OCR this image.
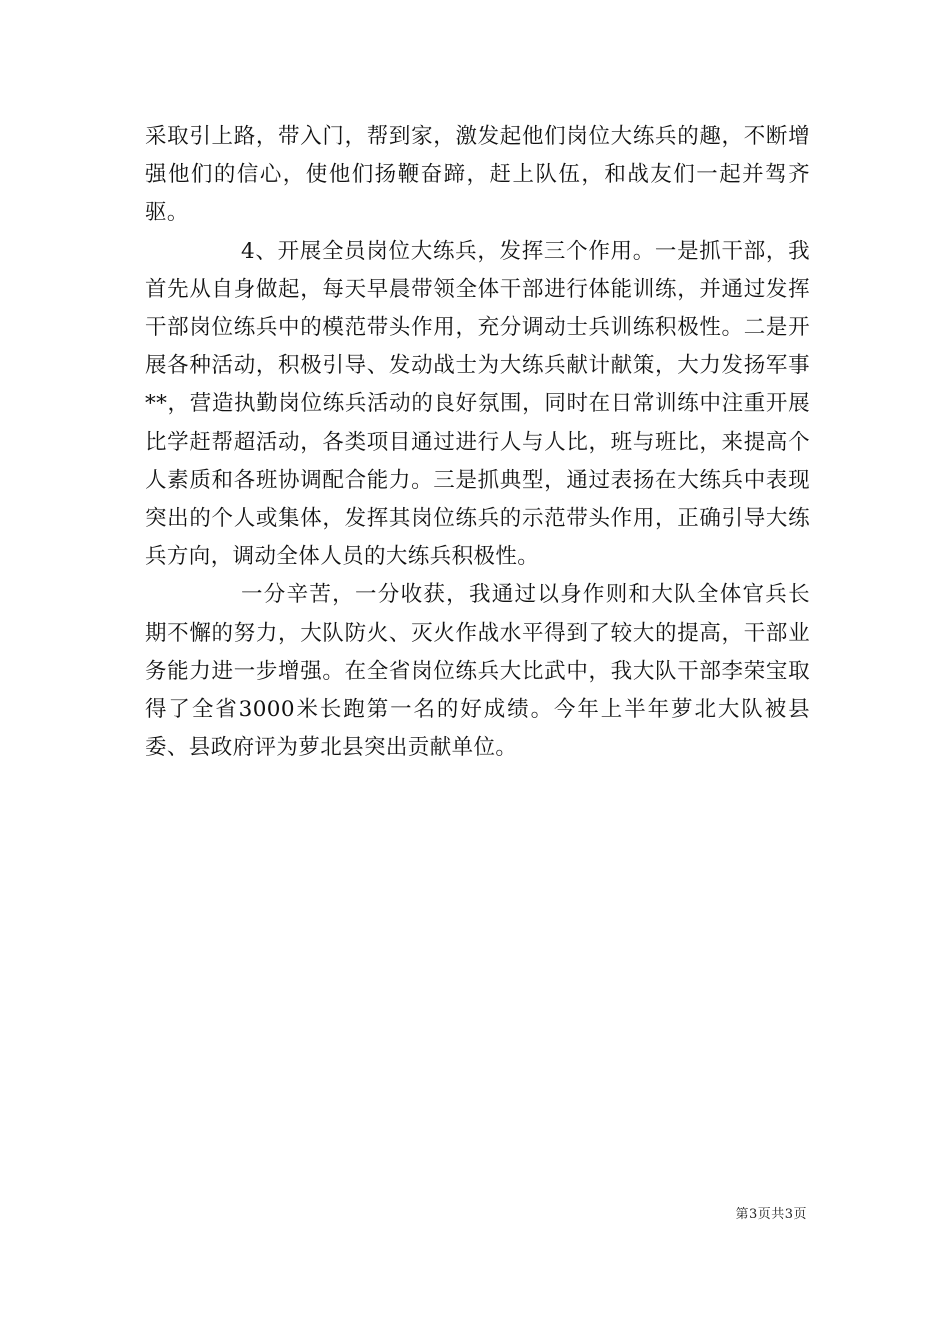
采取引上路，带入门，帮到家，激发起他们岗位大练兵的趣，不断增强他们的信心，使他们扬鞭奋蹄，赶上队伍，和战友们一起并驾齐驱。

4、开展全员岗位大练兵，发挥三个作用。一是抓干部，我首先从自身做起，每天早晨带领全体干部进行体能训练，并通过发挥干部岗位练兵中的模范带头作用，充分调动士兵训练积极性。二是开展各种活动，积极引导、发动战士为大练兵献计献策，大力发扬军事**，营造执勤岗位练兵活动的良好氛围，同时在日常训练中注重开展比学赶帮超活动，各类项目通过进行人与人比，班与班比，来提高个人素质和各班协调配合能力。三是抓典型，通过表扬在大练兵中表现突出的个人或集体，发挥其岗位练兵的示范带头作用，正确引导大练兵方向，调动全体人员的大练兵积极性。

一分辛苦，一分收获，我通过以身作则和大队全体官兵长期不懈的努力，大队防火、灭火作战水平得到了较大的提高，干部业务能力进一步增强。在全省岗位练兵大比武中，我大队干部李荣宝取得了全省3000米长跑第一名的好成绩。今年上半年萝北大队被县委、县政府评为萝北县突出贡献单位。

第3页共3页
